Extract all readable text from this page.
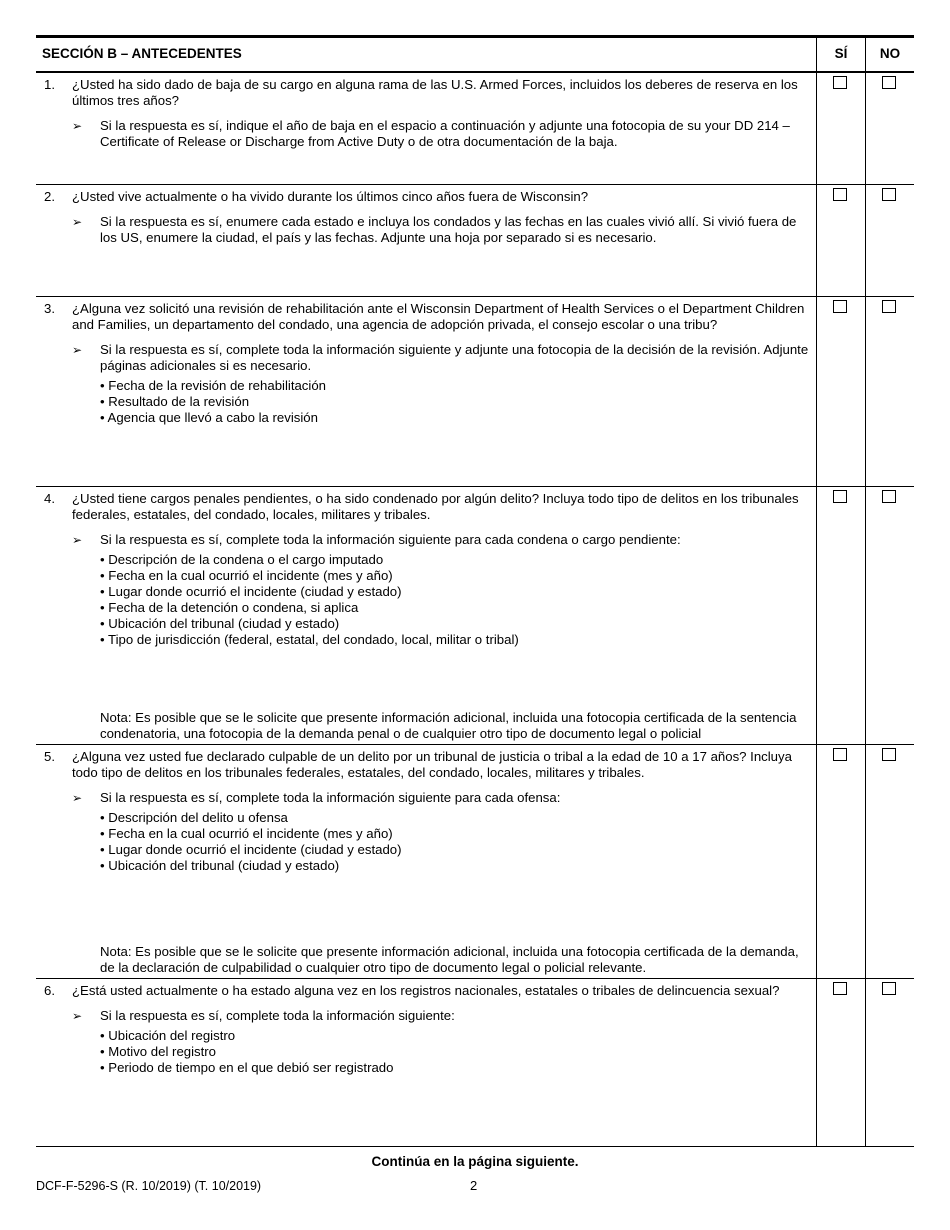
SECCIÓN B – ANTECEDENTES	SÍ	NO
1. ¿Usted ha sido dado de baja de su cargo en alguna rama de las U.S. Armed Forces, incluidos los deberes de reserva en los últimos tres años?
➢	Si la respuesta es sí, indique el año de baja en el espacio a continuación y adjunte una fotocopia de su your DD 214 – Certificate of Release or Discharge from Active Duty o de otra documentación de la baja.
2. ¿Usted vive actualmente o ha vivido durante los últimos cinco años fuera de Wisconsin?
➢	Si la respuesta es sí, enumere cada estado e incluya los condados y las fechas en las cuales vivió allí. Si vivió fuera de los US, enumere la ciudad, el país y las fechas. Adjunte una hoja por separado si es necesario.
3. ¿Alguna vez solicitó una revisión de rehabilitación ante el Wisconsin Department of Health Services o el Department Children and Families, un departamento del condado, una agencia de adopción privada, el consejo escolar o una tribu?
➢	Si la respuesta es sí, complete toda la información siguiente y adjunte una fotocopia de la decisión de la revisión. Adjunte páginas adicionales si es necesario.
• Fecha de la revisión de rehabilitación
• Resultado de la revisión
• Agencia que llevó a cabo la revisión
4. ¿Usted tiene cargos penales pendientes, o ha sido condenado por algún delito? Incluya todo tipo de delitos en los tribunales federales, estatales, del condado, locales, militares y tribales.
➢	Si la respuesta es sí, complete toda la información siguiente para cada condena o cargo pendiente:
• Descripción de la condena o el cargo imputado
• Fecha en la cual ocurrió el incidente (mes y año)
• Lugar donde ocurrió el incidente (ciudad y estado)
• Fecha de la detención o condena, si aplica
• Ubicación del tribunal (ciudad y estado)
• Tipo de jurisdicción (federal, estatal, del condado, local, militar o tribal)
Nota: Es posible que se le solicite que presente información adicional, incluida una fotocopia certificada de la sentencia condenatoria, una fotocopia de la demanda penal o de cualquier otro tipo de documento legal o policial
5. ¿Alguna vez usted fue declarado culpable de un delito por un tribunal de justicia o tribal a la edad de 10 a 17 años? Incluya todo tipo de delitos en los tribunales federales, estatales, del condado, locales, militares y tribales.
➢	Si la respuesta es sí, complete toda la información siguiente para cada ofensa:
• Descripción del delito u ofensa
• Fecha en la cual ocurrió el incidente (mes y año)
• Lugar donde ocurrió el incidente (ciudad y estado)
• Ubicación del tribunal (ciudad y estado)
Nota: Es posible que se le solicite que presente información adicional, incluida una fotocopia certificada de la demanda, de la declaración de culpabilidad o cualquier otro tipo de documento legal o policial relevante.
6. ¿Está usted actualmente o ha estado alguna vez en los registros nacionales, estatales o tribales de delincuencia sexual?
➢	Si la respuesta es sí, complete toda la información siguiente:
• Ubicación del registro
• Motivo del registro
• Periodo de tiempo en el que debió ser registrado
Continúa en la página siguiente.
DCF-F-5296-S (R. 10/2019) (T. 10/2019)	2
